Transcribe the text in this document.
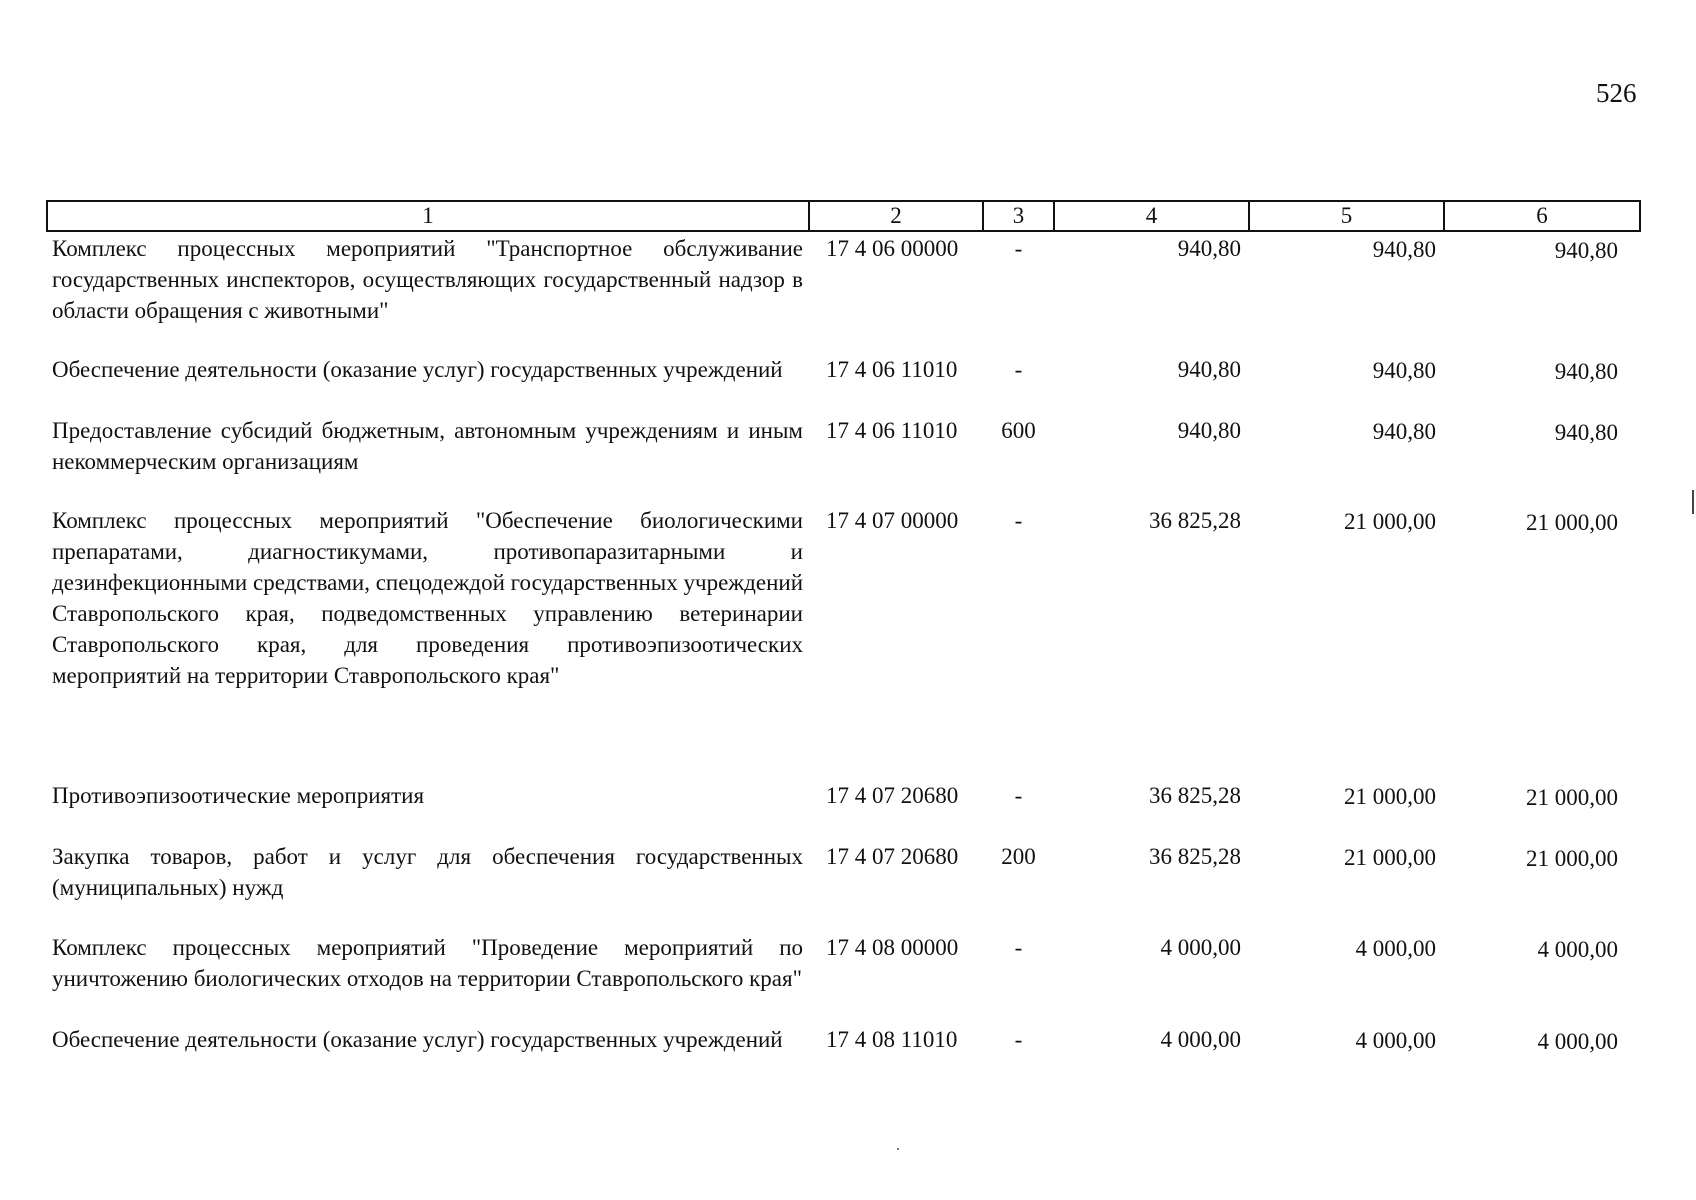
526
1	2	3	4	5	6
Комплекс процессных мероприятий "Транспортное обслуживание государственных инспекторов, осуществляющих государственный надзор в области обращения с животными"	17 4 06 00000	-	940,80	940,80	940,80
Обеспечение деятельности (оказание услуг) государственных учреждений	17 4 06 11010	-	940,80	940,80	940,80
Предоставление субсидий бюджетным, автономным учреждениям и иным некоммерческим организациям	17 4 06 11010	600	940,80	940,80	940,80
Комплекс процессных мероприятий "Обеспечение биологическими препаратами, диагностикумами, противопаразитарными и дезинфекционными средствами, спецодеждой государственных учреждений Ставропольского края, подведомственных управлению ветеринарии Ставропольского края, для проведения противоэпизоотических мероприятий на территории Ставропольского края"	17 4 07 00000	-	36 825,28	21 000,00	21 000,00
Противоэпизоотические мероприятия	17 4 07 20680	-	36 825,28	21 000,00	21 000,00
Закупка товаров, работ и услуг для обеспечения государственных (муниципальных) нужд	17 4 07 20680	200	36 825,28	21 000,00	21 000,00
Комплекс процессных мероприятий "Проведение мероприятий по уничтожению биологических отходов на территории Ставропольского края"	17 4 08 00000	-	4 000,00	4 000,00	4 000,00
Обеспечение деятельности (оказание услуг) государственных учреждений	17 4 08 11010	-	4 000,00	4 000,00	4 000,00
